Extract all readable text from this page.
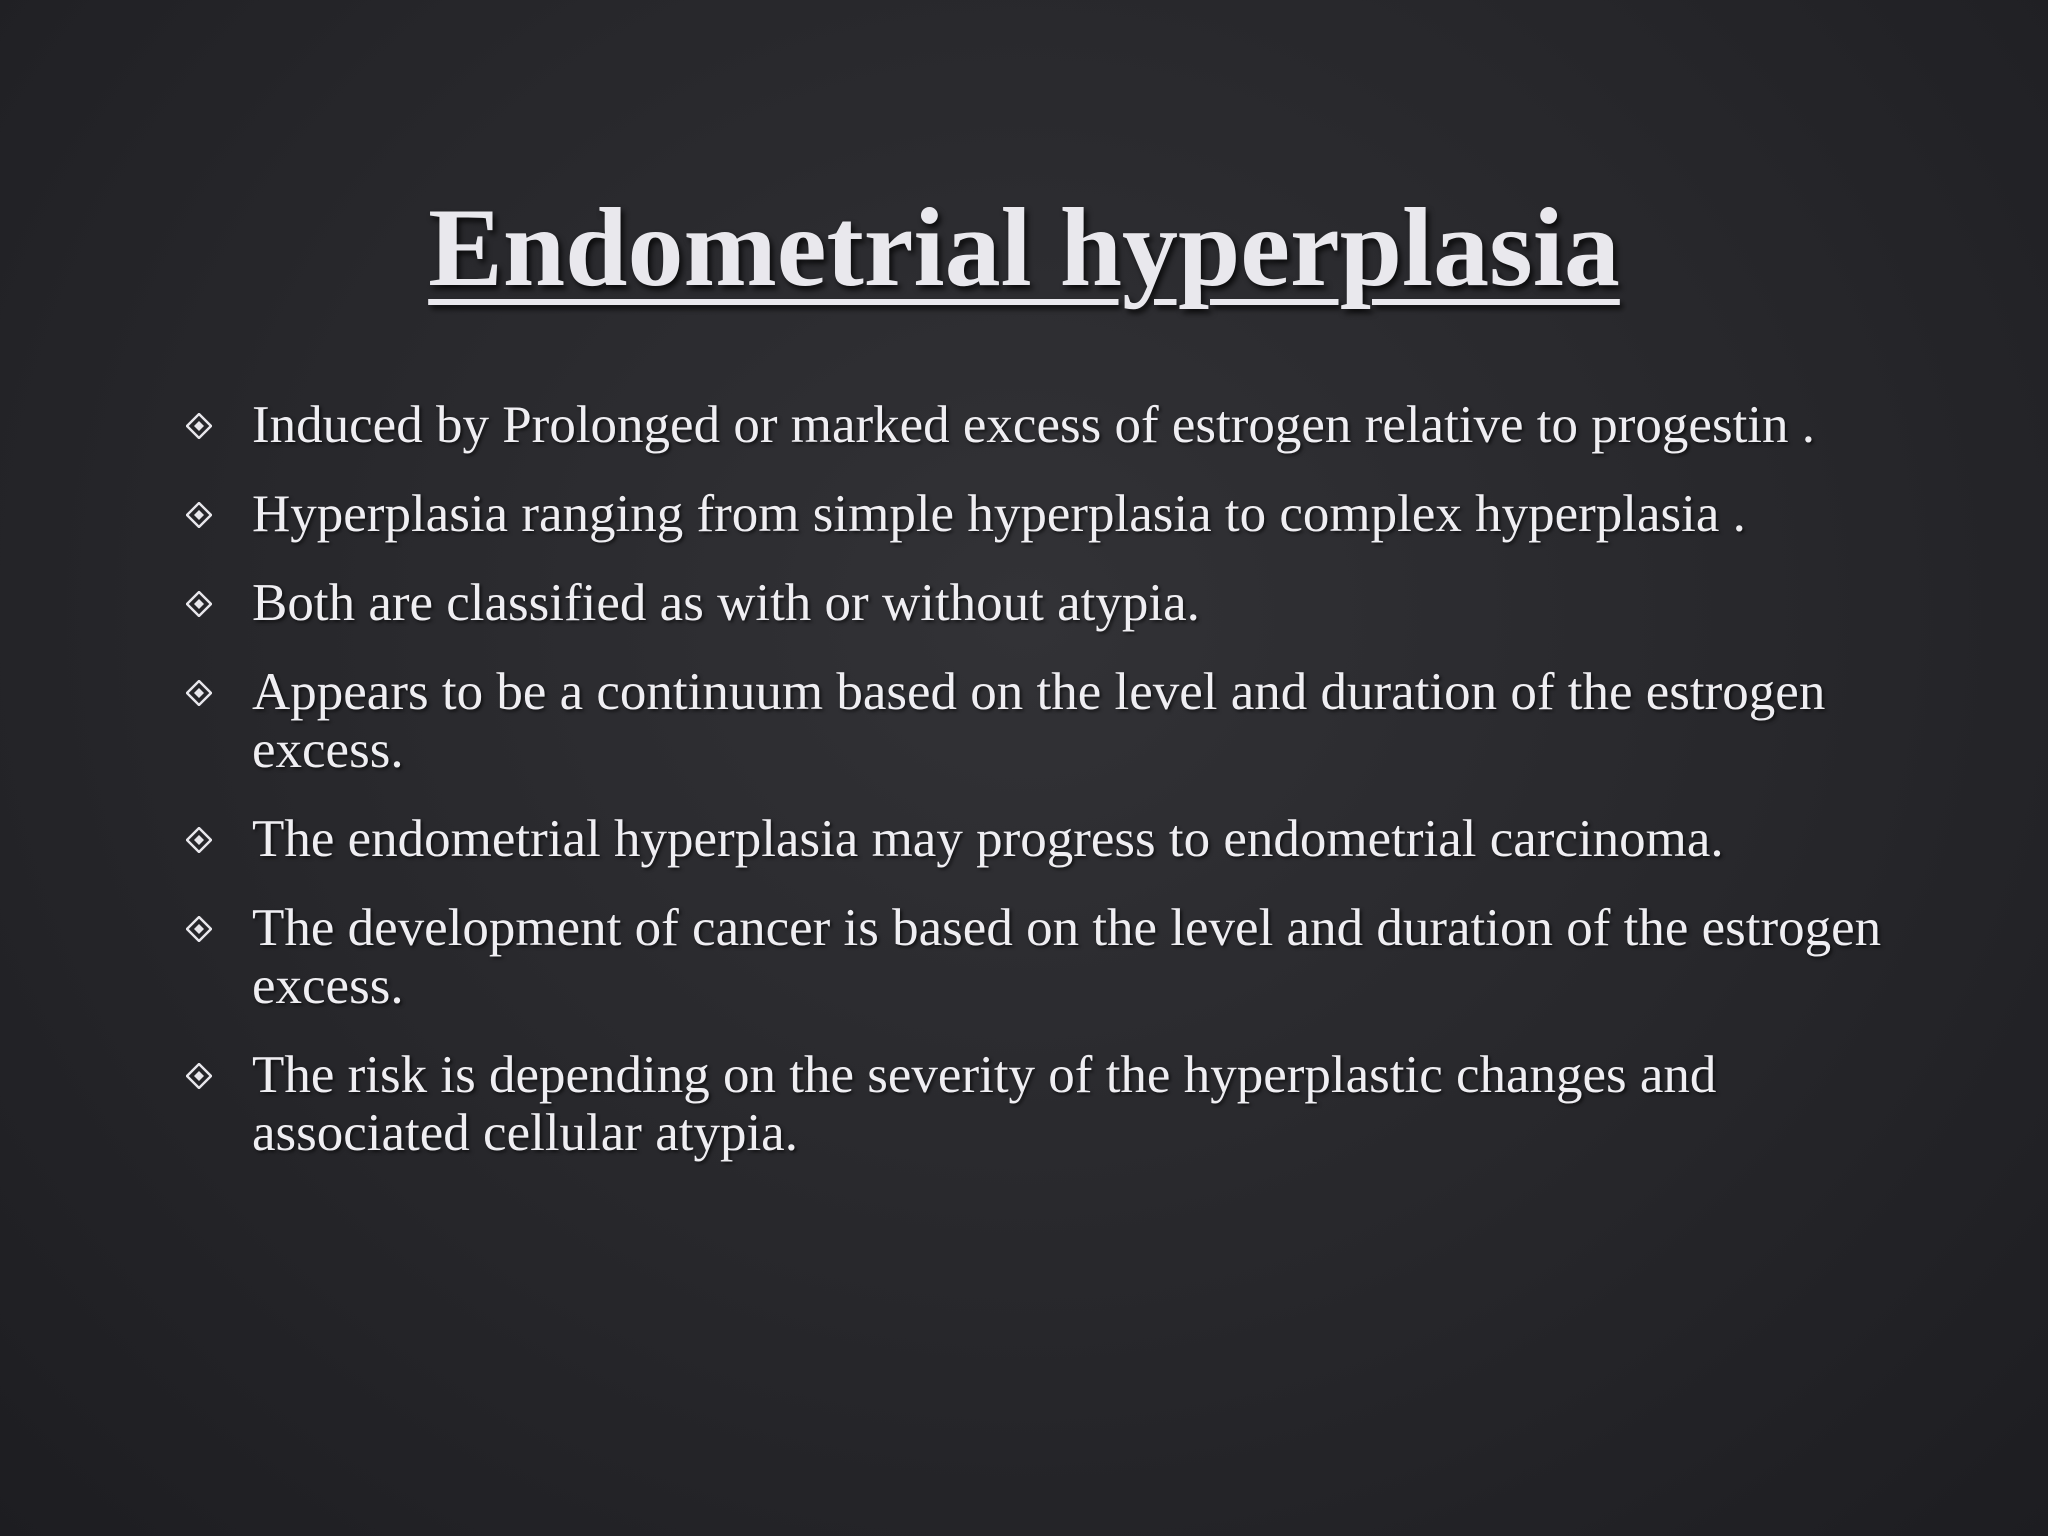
Endometrial hyperplasia
Induced by Prolonged or marked excess of estrogen relative to progestin .
Hyperplasia ranging from simple hyperplasia to complex hyperplasia .
Both are classified as with or without atypia.
Appears to be a continuum based on the level and duration of the estrogen excess.
The endometrial hyperplasia may progress to endometrial carcinoma.
The development of cancer is based on the level and duration of the estrogen excess.
The risk is depending on the severity of the hyperplastic changes and associated cellular atypia.
